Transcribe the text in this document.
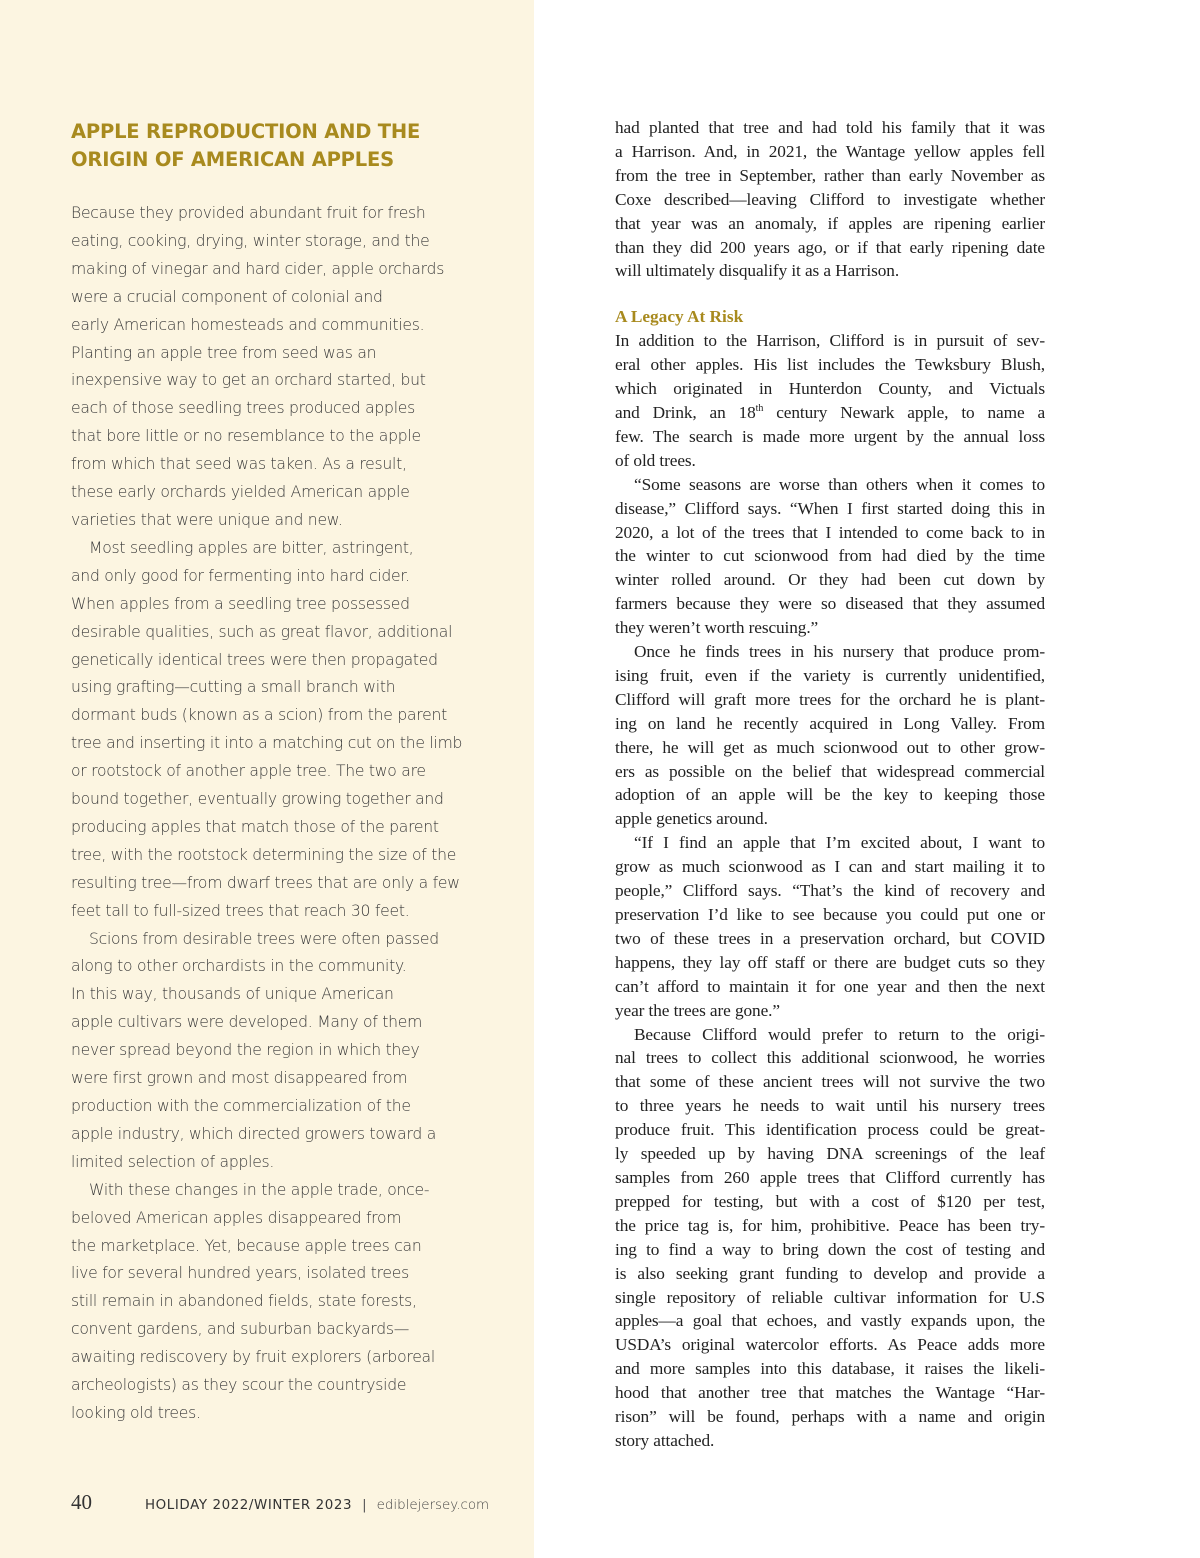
APPLE REPRODUCTION AND THE
ORIGIN OF AMERICAN APPLES

Because they provided abundant fruit for fresh
eating, cooking, drying, winter storage, and the
making of vinegar and hard cider, apple orchards
were a crucial component of colonial and
early American homesteads and communities.
Planting an apple tree from seed was an
inexpensive way to get an orchard started, but
each of those seedling trees produced apples
that bore little or no resemblance to the apple
from which that seed was taken. As a result,
these early orchards yielded American apple
varieties that were unique and new.

Most seedling apples are bitter, astringent,
and only good for fermenting into hard cider.
When apples from a seedling tree possessed
desirable qualities, such as great flavor, additional
genetically identical trees were then propagated
using grafting—cutting a small branch with
dormant buds (known as a scion) from the parent
tree and inserting it into a matching cut on the limb
or rootstock of another apple tree. The two are
bound together, eventually growing together and
producing apples that match those of the parent
tree, with the rootstock determining the size of the
resulting tree—from dwarf trees that are only a few
feet tall to full-sized trees that reach 30 feet.

Scions from desirable trees were often passed
along to other orchardists in the community.
In this way, thousands of unique American
apple cultivars were developed. Many of them
never spread beyond the region in which they
were first grown and most disappeared from
production with the commercialization of the
apple industry, which directed growers toward a
limited selection of apples.

With these changes in the apple trade, once-
beloved American apples disappeared from
the marketplace. Yet, because apple trees can
live for several hundred years, isolated trees
still remain in abandoned fields, state forests,
convent gardens, and suburban backyards—
awaiting rediscovery by fruit explorers (arboreal
archeologists) as they scour the countryside
looking old trees.

had planted that tree and had told his family that it was
a Harrison. And, in 2021, the Wantage yellow apples fell
from the tree in September, rather than early November as
Coxe described—leaving Clifford to investigate whether
that year was an anomaly, if apples are ripening earlier
than they did 200 years ago, or if that early ripening date
will ultimately disqualify it as a Harrison.

A Legacy At Risk

In addition to the Harrison, Clifford is in pursuit of sev-
eral other apples. His list includes the Tewksbury Blush,
which originated in Hunterdon County, and Victuals
and Drink, an 18th century Newark apple, to name a
few. The search is made more urgent by the annual loss
of old trees.

“Some seasons are worse than others when it comes to
disease,” Clifford says. “When I first started doing this in
2020, a lot of the trees that I intended to come back to in
the winter to cut scionwood from had died by the time
winter rolled around. Or they had been cut down by
farmers because they were so diseased that they assumed
they weren’t worth rescuing.”

Once he finds trees in his nursery that produce prom-
ising fruit, even if the variety is currently unidentified,
Clifford will graft more trees for the orchard he is plant-
ing on land he recently acquired in Long Valley. From
there, he will get as much scionwood out to other grow-
ers as possible on the belief that widespread commercial
adoption of an apple will be the key to keeping those
apple genetics around.

“If I find an apple that I’m excited about, I want to
grow as much scionwood as I can and start mailing it to
people,” Clifford says. “That’s the kind of recovery and
preservation I’d like to see because you could put one or
two of these trees in a preservation orchard, but COVID
happens, they lay off staff or there are budget cuts so they
can’t afford to maintain it for one year and then the next
year the trees are gone.”

Because Clifford would prefer to return to the origi-
nal trees to collect this additional scionwood, he worries
that some of these ancient trees will not survive the two
to three years he needs to wait until his nursery trees
produce fruit. This identification process could be great-
ly speeded up by having DNA screenings of the leaf
samples from 260 apple trees that Clifford currently has
prepped for testing, but with a cost of $120 per test,
the price tag is, for him, prohibitive. Peace has been try-
ing to find a way to bring down the cost of testing and
is also seeking grant funding to develop and provide a
single repository of reliable cultivar information for U.S
apples—a goal that echoes, and vastly expands upon, the
USDA’s original watercolor efforts. As Peace adds more
and more samples into this database, it raises the likeli-
hood that another tree that matches the Wantage “Har-
rison” will be found, perhaps with a name and origin
story attached.

40	HOLIDAY 2022/WINTER 2023 | ediblejersey.com
